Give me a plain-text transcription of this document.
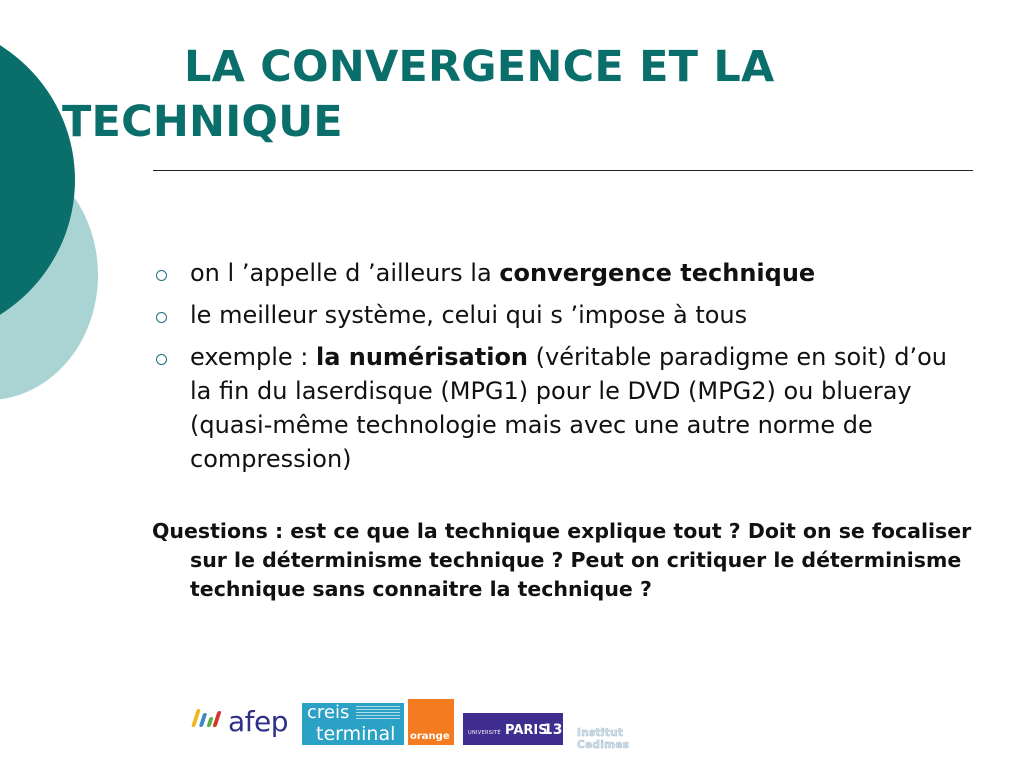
LA CONVERGENCE ET LA
TECHNIQUE
on l ’appelle d ’ailleurs la convergence technique
le meilleur système, celui qui s ’impose à tous
exemple : la numérisation (véritable paradigme en soit) d’ou la fin du laserdisque (MPG1) pour le DVD (MPG2) ou blueray (quasi-même technologie mais avec une autre norme de compression)

Questions : est ce que la technique explique tout ? Doit on se focaliser sur le déterminisme technique ? Peut on critiquer le déterminisme technique sans connaitre la technique ?

afep creis
terminal orange	UNIVERSITÉ PARIS
13 Institut Cedimes
